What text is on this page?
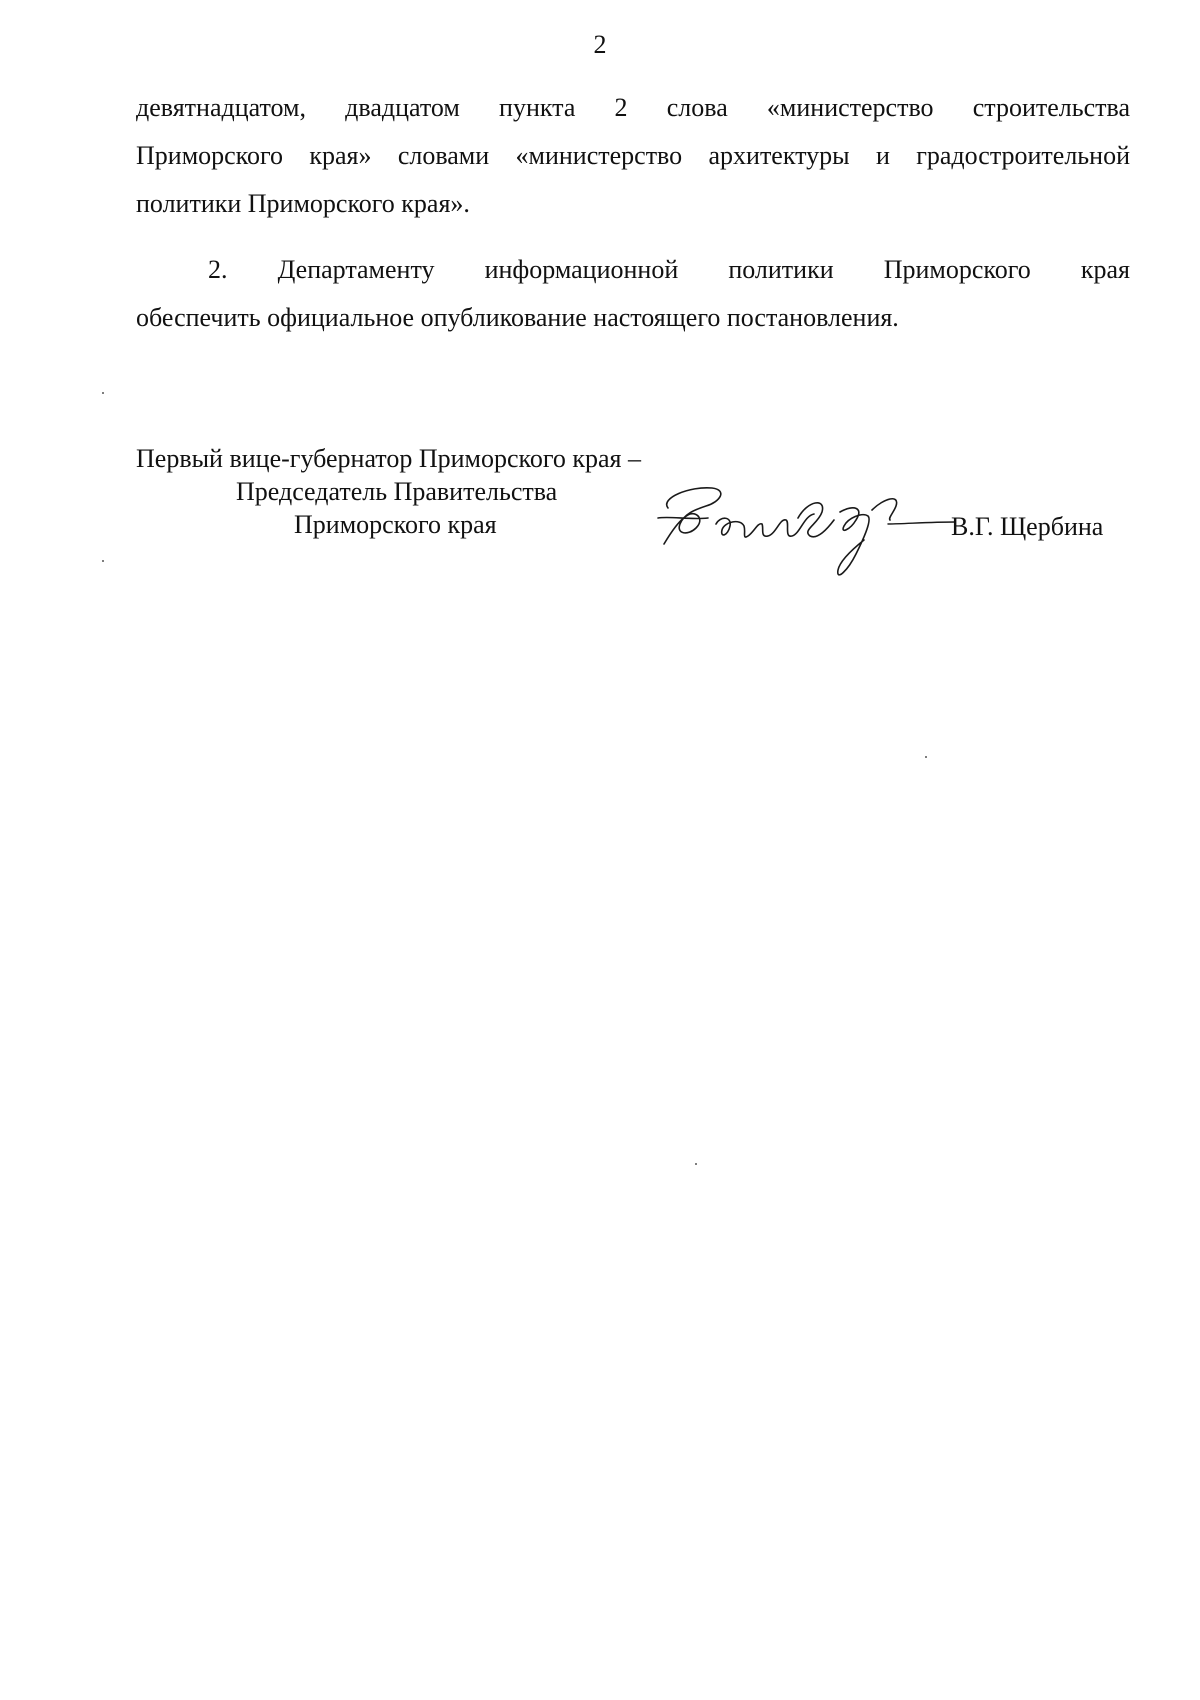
2
девятнадцатом, двадцатом пункта 2 слова «министерство строительства
Приморского края» словами «министерство архитектуры и градостроительной
политики Приморского края».
2. Департаменту информационной политики Приморского края
обеспечить официальное опубликование настоящего постановления.
Первый вице-губернатор Приморского края –
Председатель Правительства
Приморского края	В.Г. Щербина
